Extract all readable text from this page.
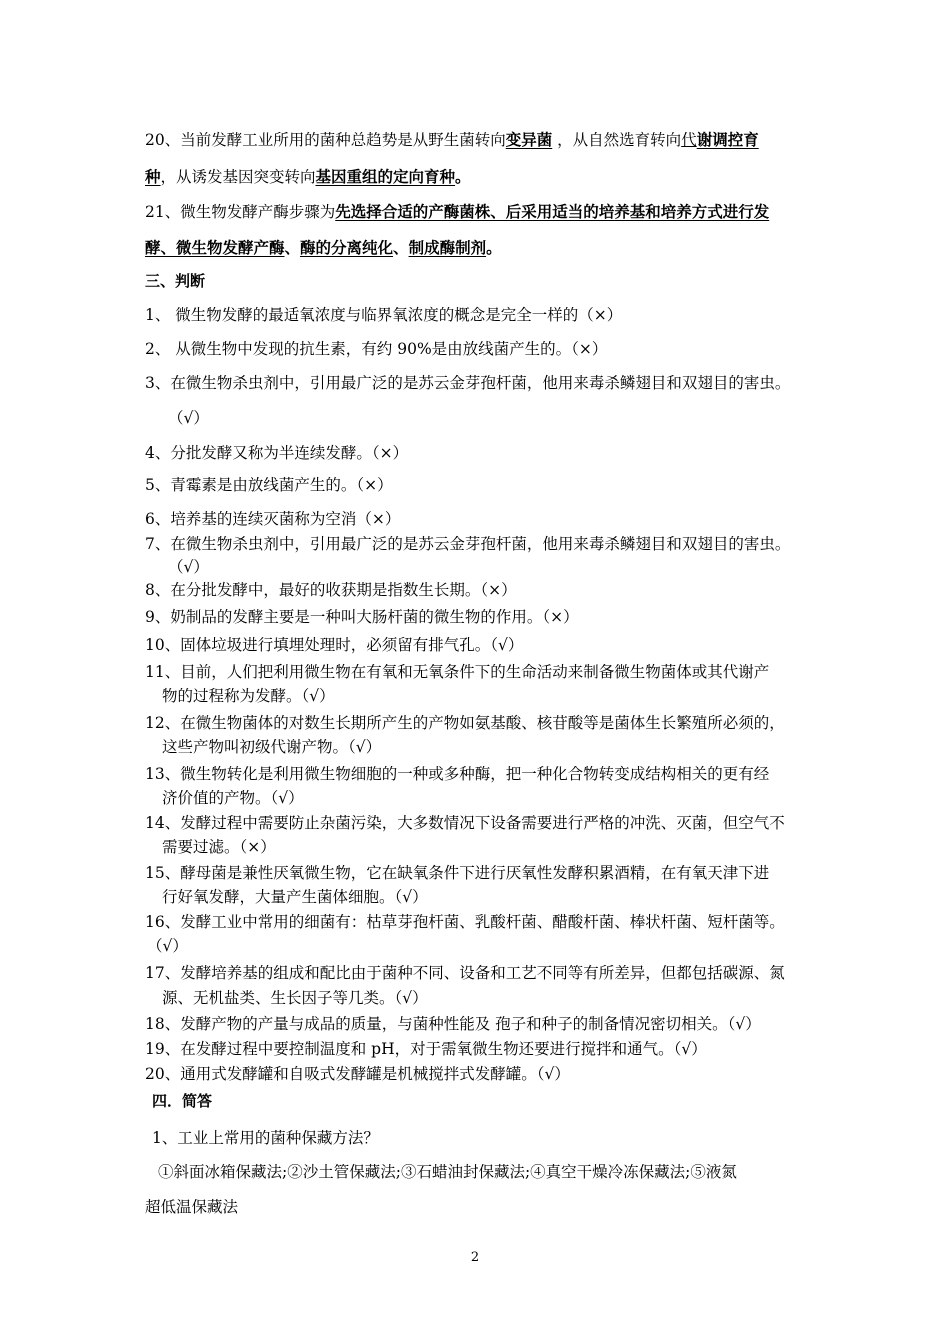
20、当前发酵工业所用的菌种总趋势是从野生菌转向变异菌 ，从自然选育转向代谢调控育
种，从诱发基因突变转向基因重组的定向育种。
21、微生物发酵产酶步骤为先选择合适的产酶菌株、后采用适当的培养基和培养方式进行发
酵、微生物发酵产酶、酶的分离纯化、制成酶制剂。
三、判断
1、 微生物发酵的最适氧浓度与临界氧浓度的概念是完全一样的（×）
2、 从微生物中发现的抗生素，有约 90%是由放线菌产生的。（×）
3、在微生物杀虫剂中，引用最广泛的是苏云金芽孢杆菌，他用来毒杀鳞翅目和双翅目的害虫。
（√）
4、分批发酵又称为半连续发酵。（×）
5、青霉素是由放线菌产生的。（×）
6、培养基的连续灭菌称为空消（×）
7、在微生物杀虫剂中，引用最广泛的是苏云金芽孢杆菌，他用来毒杀鳞翅目和双翅目的害虫。
（√）
8、在分批发酵中，最好的收获期是指数生长期。（×）
9、奶制品的发酵主要是一种叫大肠杆菌的微生物的作用。（×）
10、固体垃圾进行填埋处理时，必须留有排气孔。（√）
11、目前，人们把利用微生物在有氧和无氧条件下的生命活动来制备微生物菌体或其代谢产
物的过程称为发酵。（√）
12、在微生物菌体的对数生长期所产生的产物如氨基酸、核苷酸等是菌体生长繁殖所必须的，
这些产物叫初级代谢产物。（√）
13、微生物转化是利用微生物细胞的一种或多种酶，把一种化合物转变成结构相关的更有经
济价值的产物。（√）
14、发酵过程中需要防止杂菌污染，大多数情况下设备需要进行严格的冲洗、灭菌，但空气不
需要过滤。（×）
15、酵母菌是兼性厌氧微生物，它在缺氧条件下进行厌氧性发酵积累酒精，在有氧天津下进
行好氧发酵，大量产生菌体细胞。（√）
16、发酵工业中常用的细菌有：枯草芽孢杆菌、乳酸杆菌、醋酸杆菌、棒状杆菌、短杆菌等。
（√）
17、发酵培养基的组成和配比由于菌种不同、设备和工艺不同等有所差异，但都包括碳源、氮
源、无机盐类、生长因子等几类。（√）
18、发酵产物的产量与成品的质量，与菌种性能及 孢子和种子的制备情况密切相关。（√）
19、在发酵过程中要控制温度和 pH，对于需氧微生物还要进行搅拌和通气。（√）
20、通用式发酵罐和自吸式发酵罐是机械搅拌式发酵罐。（√）
四．简答
1、工业上常用的菌种保藏方法？
①斜面冰箱保藏法;②沙土管保藏法;③石蜡油封保藏法;④真空干燥冷冻保藏法;⑤液氮
超低温保藏法
2
